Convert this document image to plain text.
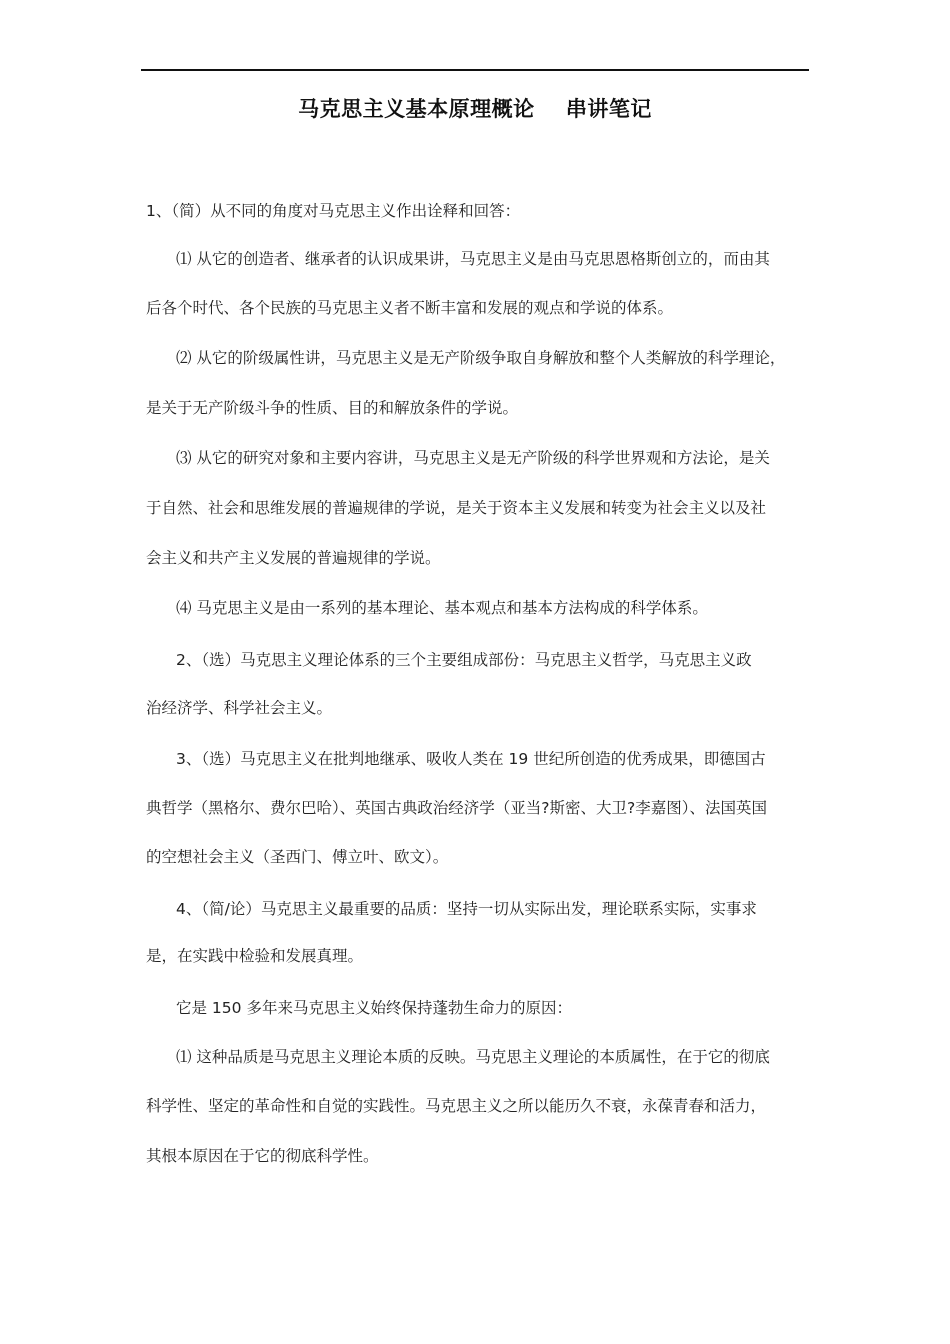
马克思主义基本原理概论    串讲笔记
1、（简）从不同的角度对马克思主义作出诠释和回答：
⑴ 从它的创造者、继承者的认识成果讲，马克思主义是由马克思恩格斯创立的，而由其
后各个时代、各个民族的马克思主义者不断丰富和发展的观点和学说的体系。
⑵ 从它的阶级属性讲，马克思主义是无产阶级争取自身解放和整个人类解放的科学理论，
是关于无产阶级斗争的性质、目的和解放条件的学说。
⑶ 从它的研究对象和主要内容讲，马克思主义是无产阶级的科学世界观和方法论，是关
于自然、社会和思维发展的普遍规律的学说，是关于资本主义发展和转变为社会主义以及社
会主义和共产主义发展的普遍规律的学说。
⑷ 马克思主义是由一系列的基本理论、基本观点和基本方法构成的科学体系。
2、（选）马克思主义理论体系的三个主要组成部份：马克思主义哲学，马克思主义政
治经济学、科学社会主义。
3、（选）马克思主义在批判地继承、吸收人类在 19 世纪所创造的优秀成果，即德国古
典哲学（黑格尔、费尔巴哈）、英国古典政治经济学（亚当?斯密、大卫?李嘉图）、法国英国
的空想社会主义（圣西门、傅立叶、欧文）。
4、（简/论）马克思主义最重要的品质：坚持一切从实际出发，理论联系实际，实事求
是，在实践中检验和发展真理。
它是 150 多年来马克思主义始终保持蓬勃生命力的原因：
⑴ 这种品质是马克思主义理论本质的反映。马克思主义理论的本质属性，在于它的彻底
科学性、坚定的革命性和自觉的实践性。马克思主义之所以能历久不衰，永葆青春和活力，
其根本原因在于它的彻底科学性。
